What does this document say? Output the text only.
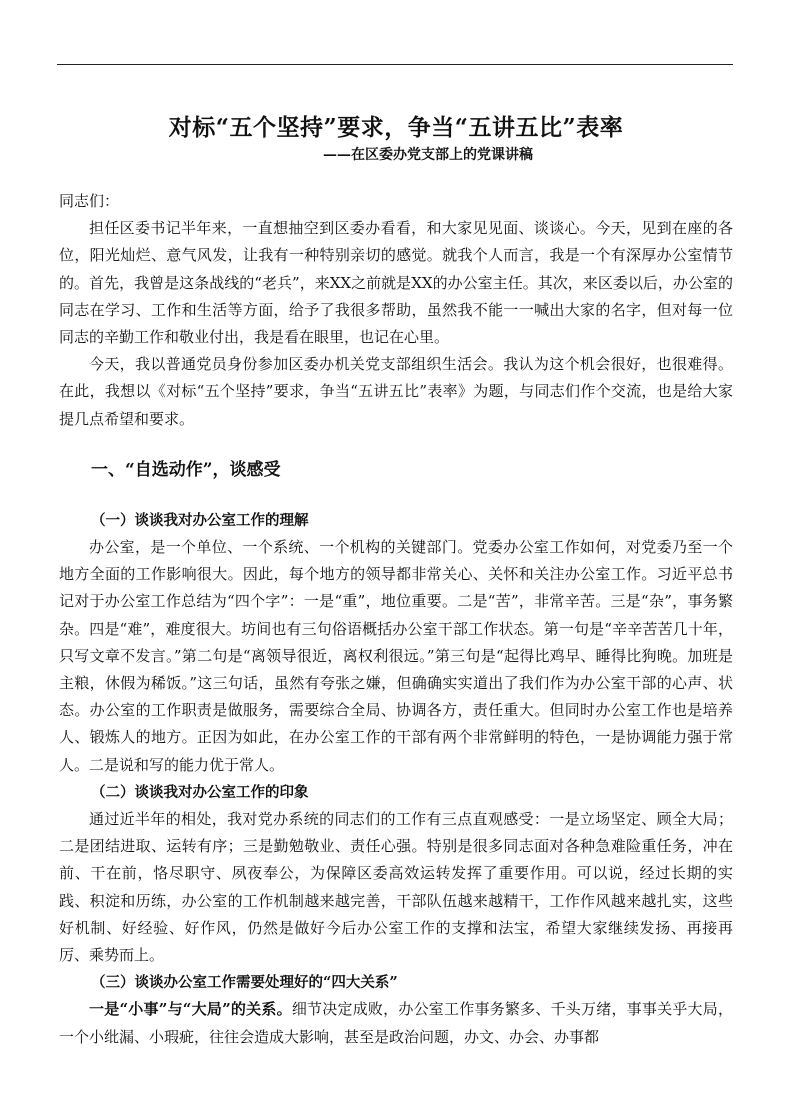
对标“五个坚持”要求，争当“五讲五比”表率
——在区委办党支部上的党课讲稿

同志们：

担任区委书记半年来，一直想抽空到区委办看看，和大家见见面、谈谈心。今天，见到在座的各位，阳光灿烂、意气风发，让我有一种特别亲切的感觉。就我个人而言，我是一个有深厚办公室情节的。首先，我曾是这条战线的“老兵”，来XX之前就是XX的办公室主任。其次，来区委以后，办公室的同志在学习、工作和生活等方面，给予了我很多帮助，虽然我不能一一喊出大家的名字，但对每一位同志的辛勤工作和敬业付出，我是看在眼里，也记在心里。

今天，我以普通党员身份参加区委办机关党支部组织生活会。我认为这个机会很好，也很难得。在此，我想以《对标“五个坚持”要求，争当“五讲五比”表率》为题，与同志们作个交流，也是给大家提几点希望和要求。

一、“自选动作”，谈感受
（一）谈谈我对办公室工作的理解

办公室，是一个单位、一个系统、一个机构的关键部门。党委办公室工作如何，对党委乃至一个地方全面的工作影响很大。因此，每个地方的领导都非常关心、关怀和关注办公室工作。习近平总书记对于办公室工作总结为“四个字”：一是“重”，地位重要。二是“苦”，非常辛苦。三是“杂”，事务繁杂。四是“难”，难度很大。坊间也有三句俗语概括办公室干部工作状态。第一句是“辛辛苦苦几十年，只写文章不发言。”第二句是“离领导很近，离权利很远。”第三句是“起得比鸡早、睡得比狗晚。加班是主粮，休假为稀饭。”这三句话，虽然有夸张之嫌，但确确实实道出了我们作为办公室干部的心声、状态。办公室的工作职责是做服务，需要综合全局、协调各方，责任重大。但同时办公室工作也是培养人、锻炼人的地方。正因为如此，在办公室工作的干部有两个非常鲜明的特色，一是协调能力强于常人。二是说和写的能力优于常人。

（二）谈谈我对办公室工作的印象

通过近半年的相处，我对党办系统的同志们的工作有三点直观感受：一是立场坚定、顾全大局；二是团结进取、运转有序；三是勤勉敬业、责任心强。特别是很多同志面对各种急难险重任务，冲在前、干在前，恪尽职守、夙夜奉公，为保障区委高效运转发挥了重要作用。可以说，经过长期的实践、积淀和历练，办公室的工作机制越来越完善，干部队伍越来越精干，工作作风越来越扎实，这些好机制、好经验、好作风，仍然是做好今后办公室工作的支撑和法宝，希望大家继续发扬、再接再厉、乘势而上。

（三）谈谈办公室工作需要处理好的“四大关系”

一是“小事”与“大局”的关系。细节决定成败，办公室工作事务繁多、千头万绪，事事关乎大局，一个小纰漏、小瑕疵，往往会造成大影响，甚至是政治问题，办文、办会、办事都
